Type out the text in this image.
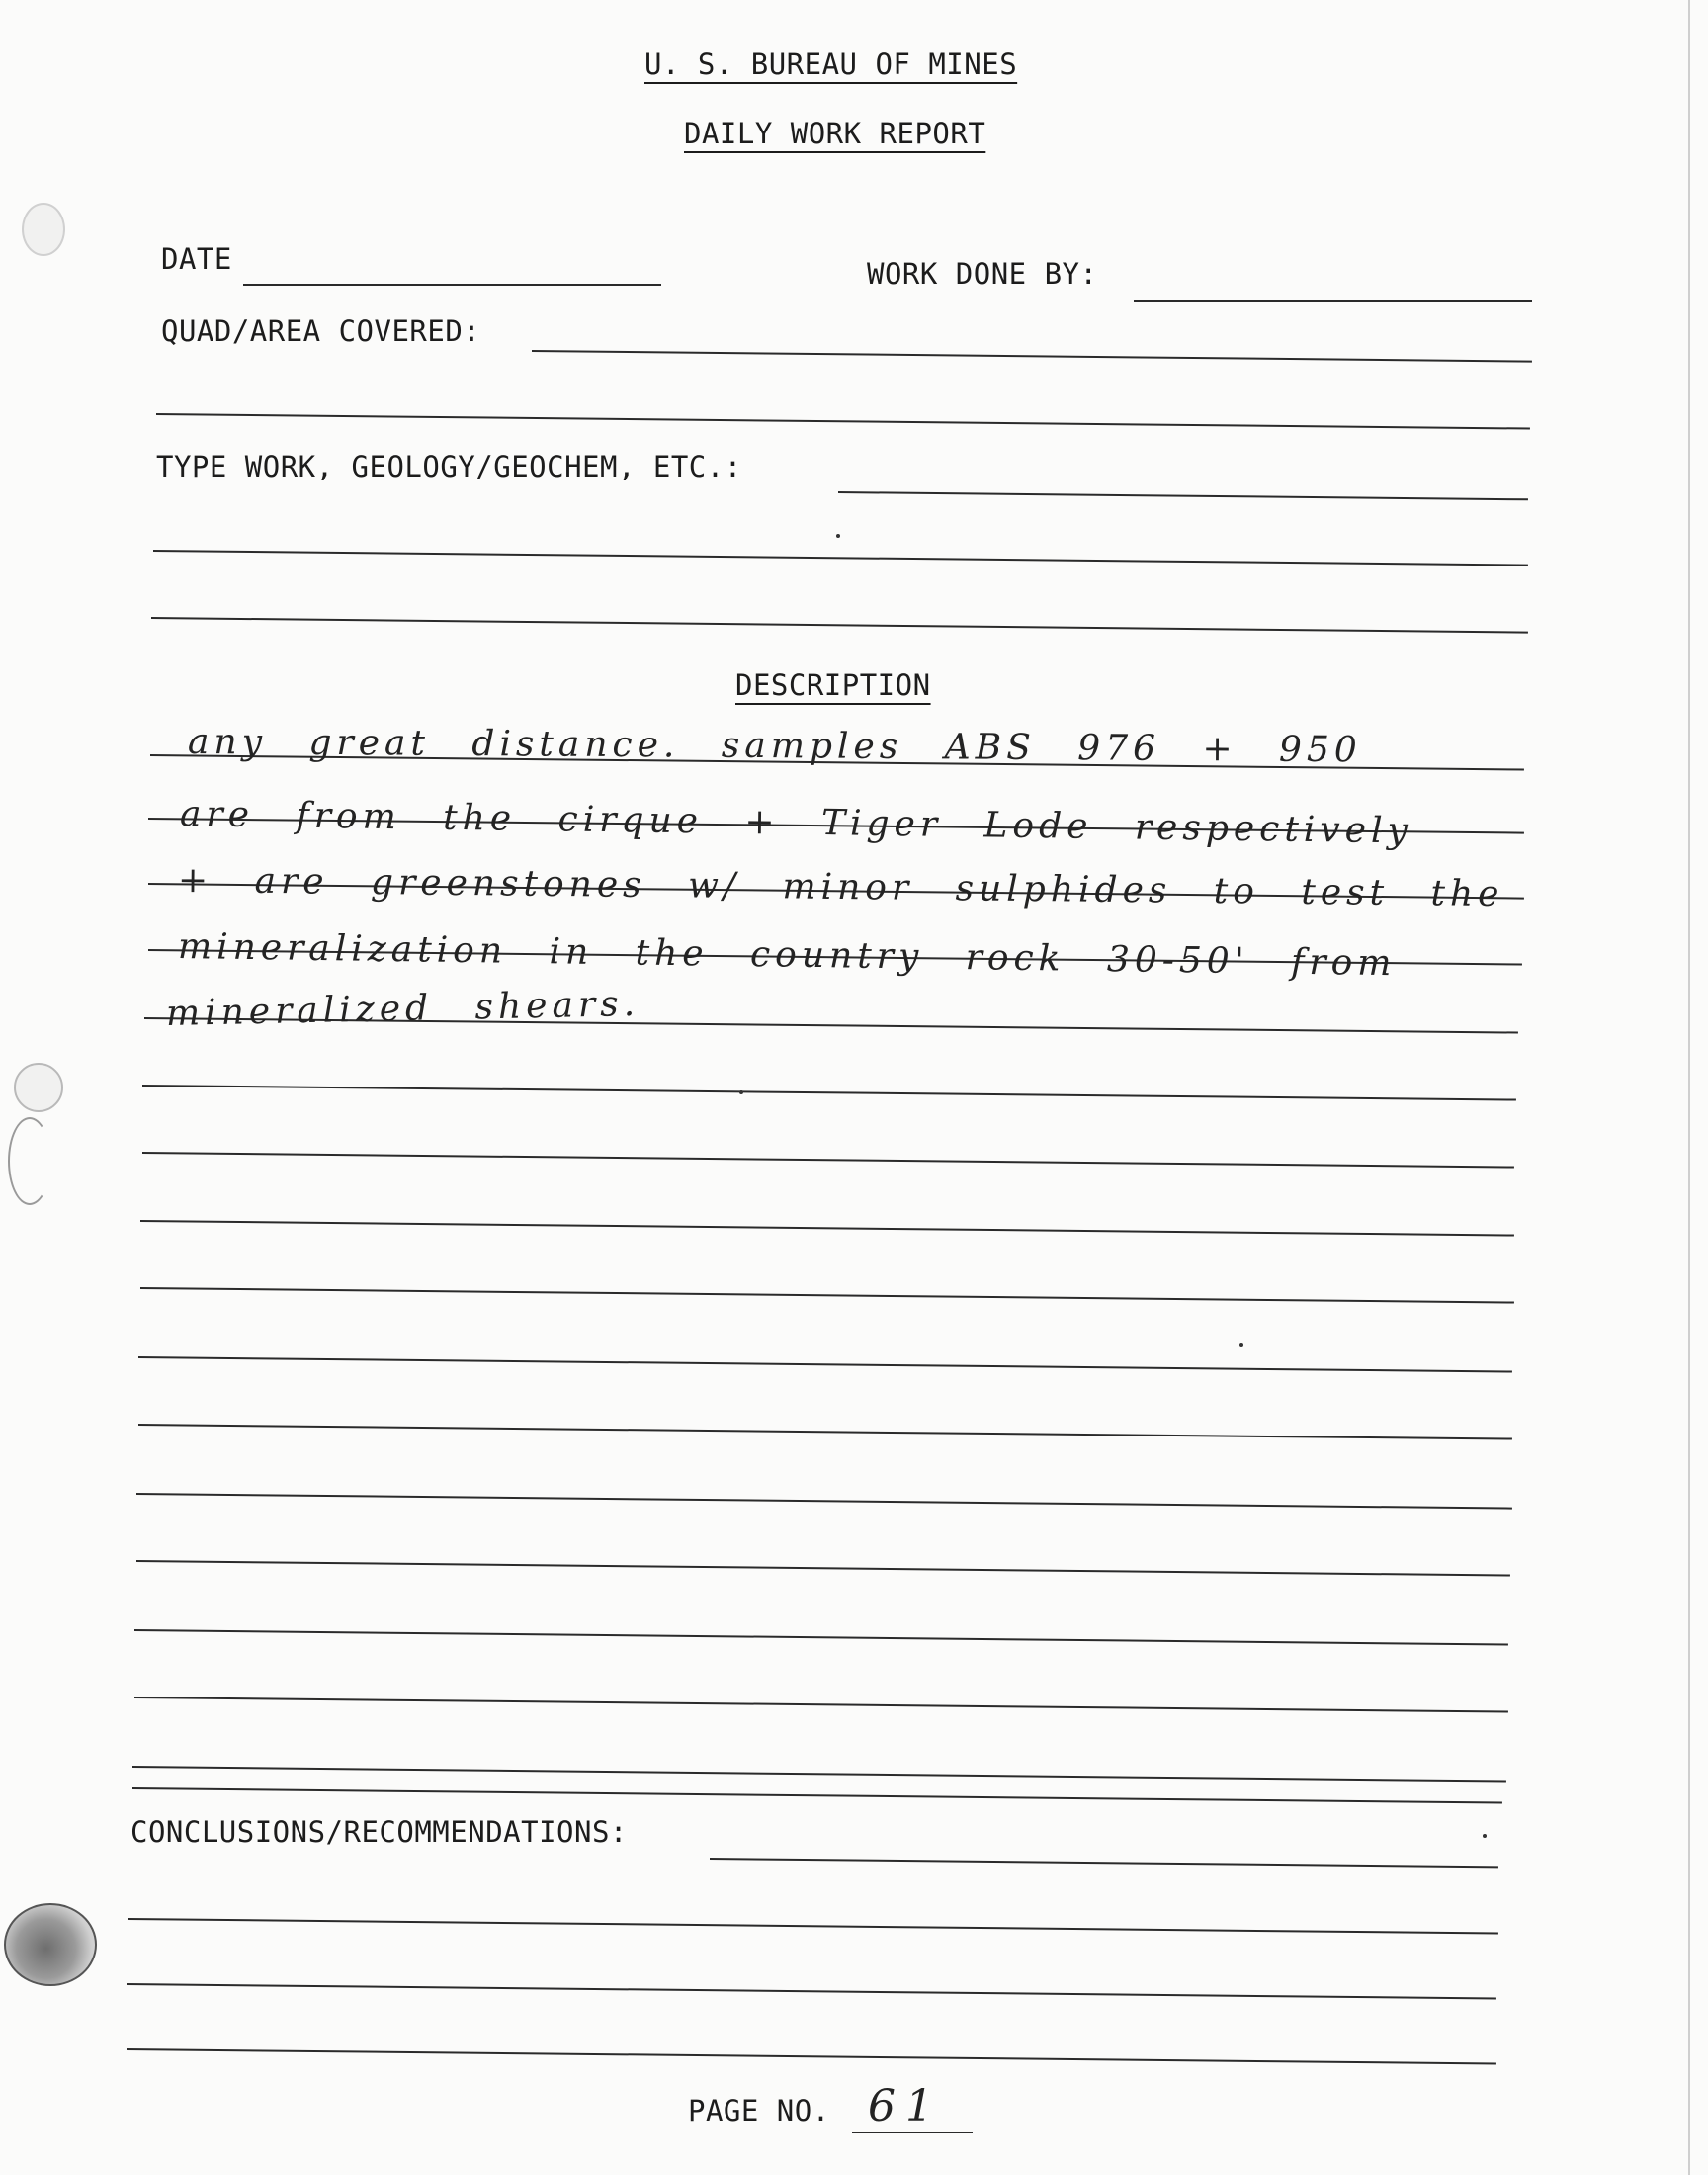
U. S. BUREAU OF MINES
DAILY WORK REPORT
DATE	WORK DONE BY:
QUAD/AREA COVERED:
TYPE WORK, GEOLOGY/GEOCHEM, ETC.:
DESCRIPTION
any great distance. samples ABS 976 + 950
are from the cirque + Tiger Lode respectively
+ are greenstones w/ minor sulphides to test the
mineralization in the country rock 30-50' from
mineralized shears.
CONCLUSIONS/RECOMMENDATIONS:
PAGE NO. 61
